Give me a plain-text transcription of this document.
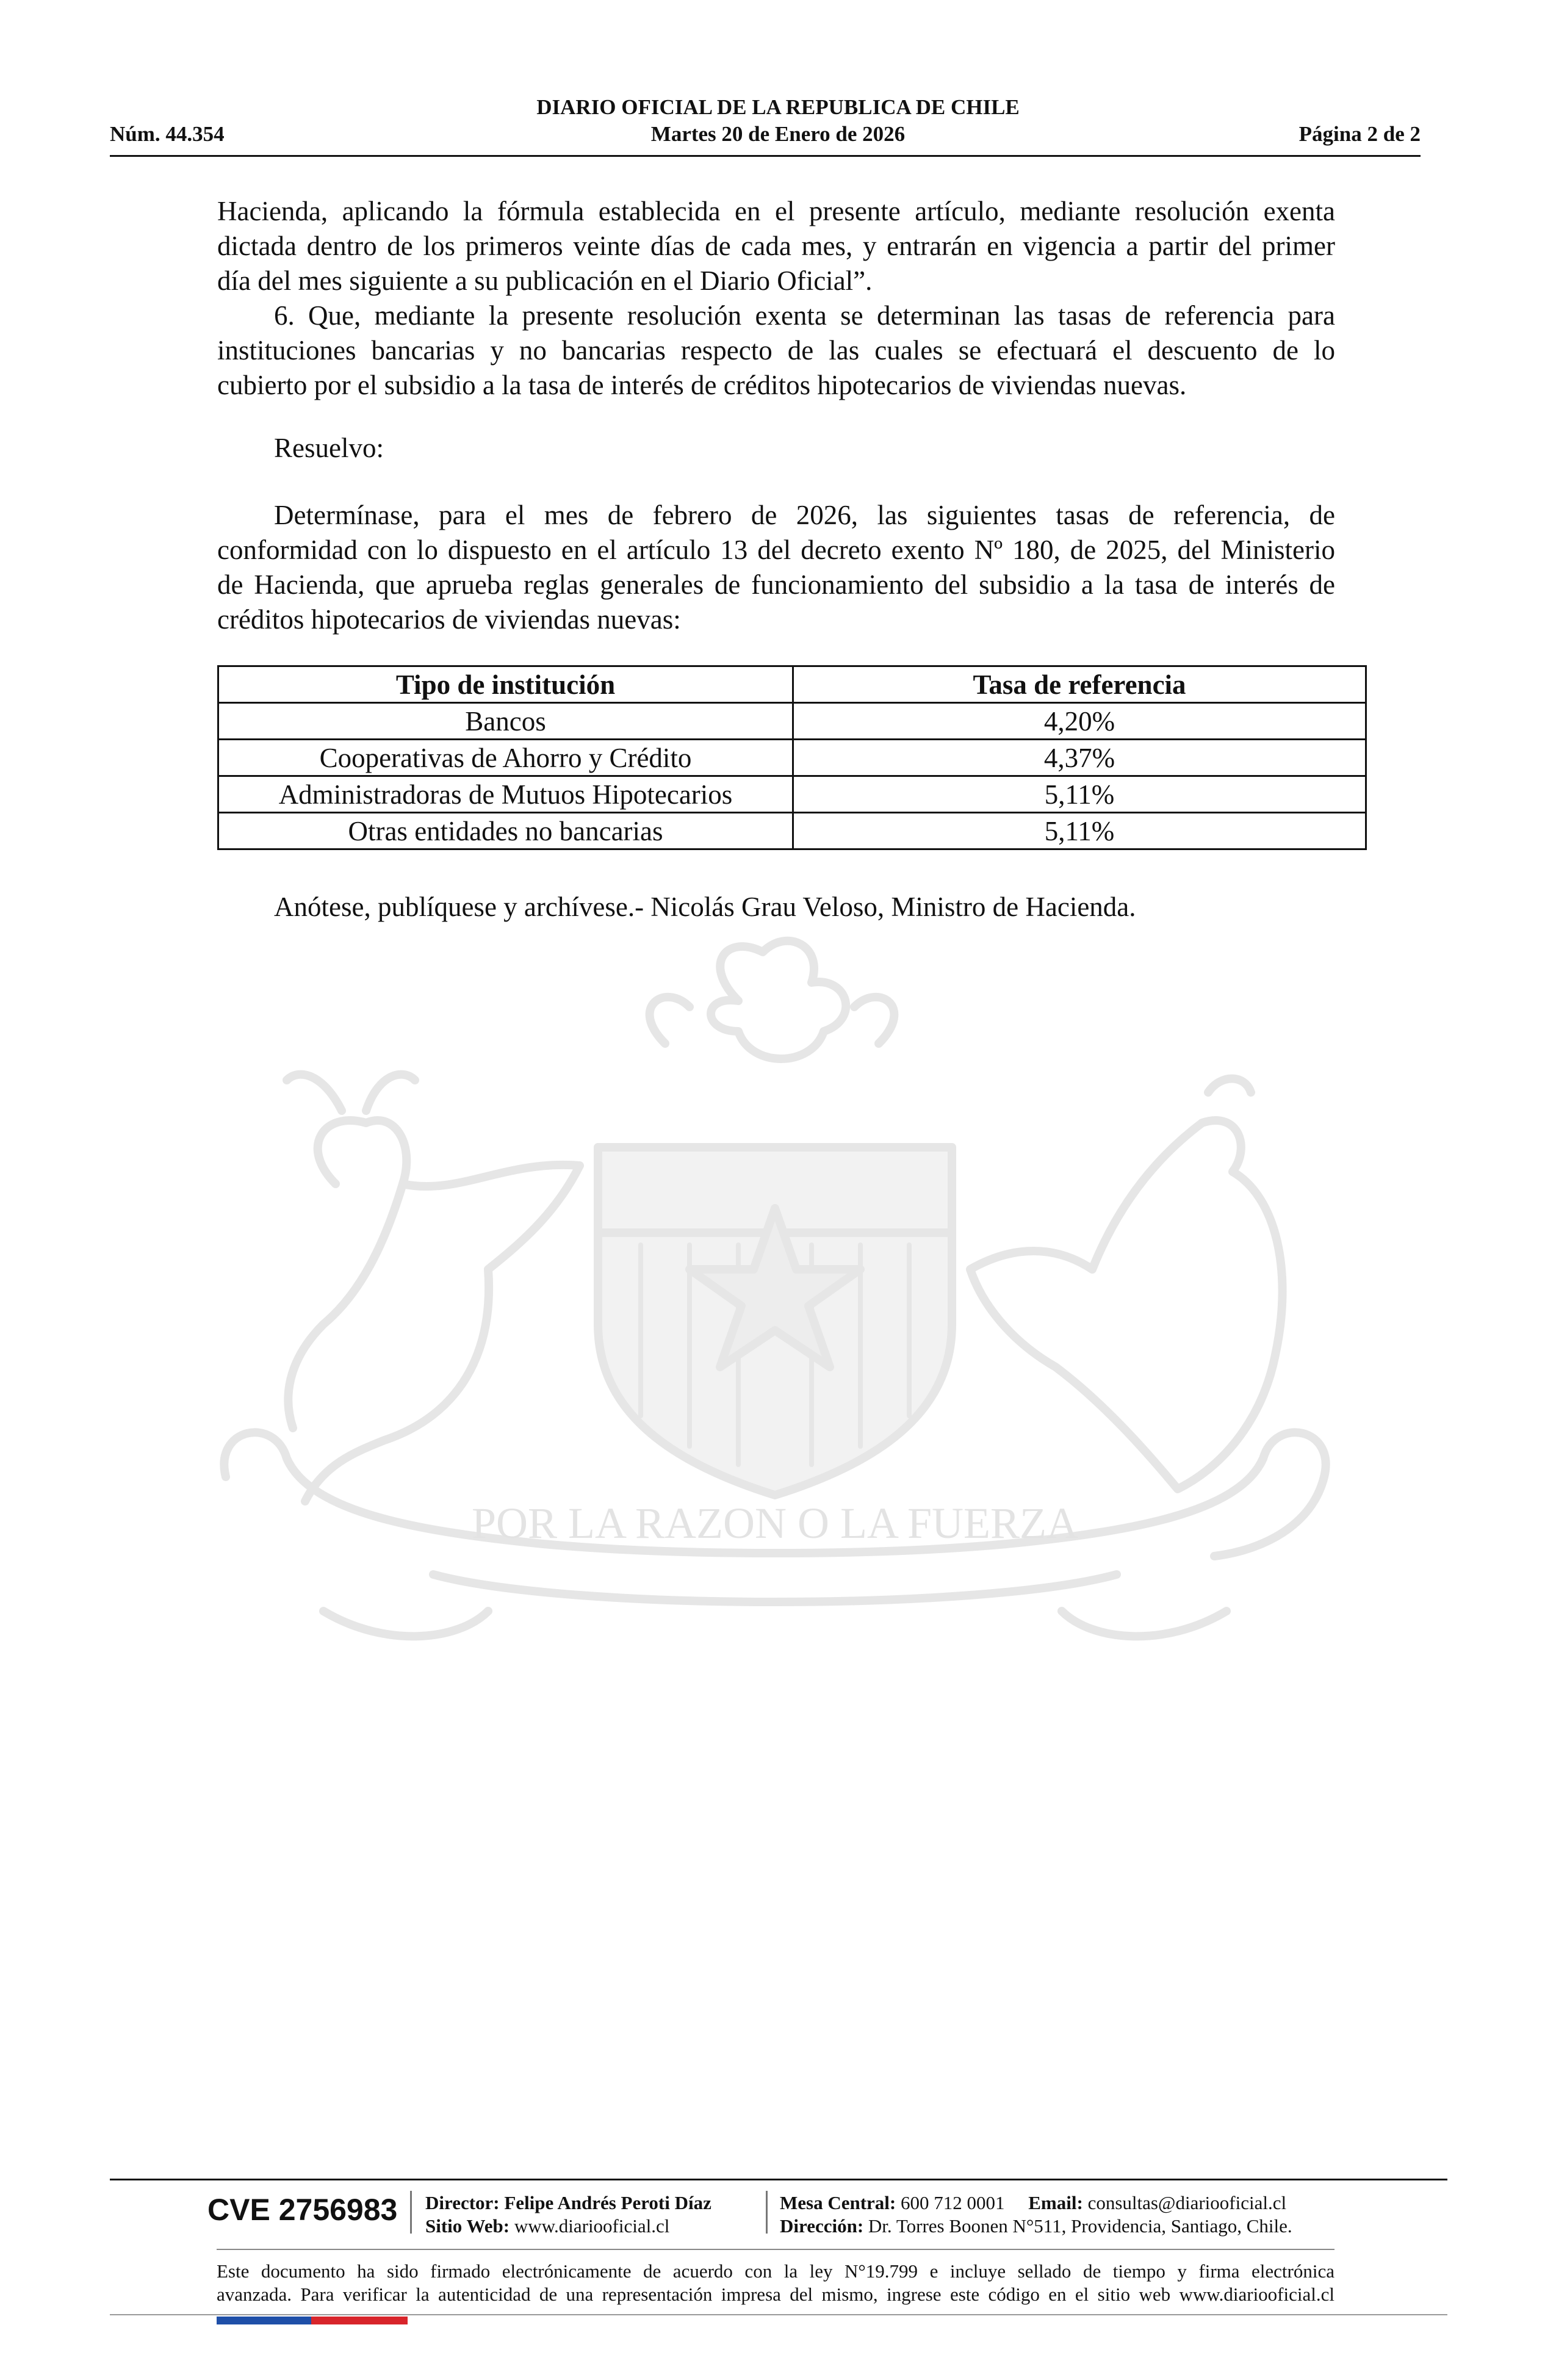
DIARIO OFICIAL DE LA REPUBLICA DE CHILE
Martes 20 de Enero de 2026
Núm. 44.354	Página 2 de 2
POR LA RAZON O LA FUERZA
Hacienda, aplicando la fórmula establecida en el presente artículo, mediante resolución exenta
dictada dentro de los primeros veinte días de cada mes, y entrarán en vigencia a partir del primer
día del mes siguiente a su publicación en el Diario Oficial”.
6. Que, mediante la presente resolución exenta se determinan las tasas de referencia para
instituciones bancarias y no bancarias respecto de las cuales se efectuará el descuento de lo
cubierto por el subsidio a la tasa de interés de créditos hipotecarios de viviendas nuevas.
Resuelvo:
Determínase, para el mes de febrero de 2026, las siguientes tasas de referencia, de
conformidad con lo dispuesto en el artículo 13 del decreto exento Nº 180, de 2025, del Ministerio
de Hacienda, que aprueba reglas generales de funcionamiento del subsidio a la tasa de interés de
créditos hipotecarios de viviendas nuevas:
Tipo de institución	Tasa de referencia
Bancos	4,20%
Cooperativas de Ahorro y Crédito	4,37%
Administradoras de Mutuos Hipotecarios	5,11%
Otras entidades no bancarias	5,11%
Anótese, publíquese y archívese.- Nicolás Grau Veloso, Ministro de Hacienda.
CVE 2756983 Director: Felipe Andrés Peroti Díaz
Sitio Web: www.diariooficial.cl
Mesa Central: 600 712 0001 Email: consultas@diariooficial.cl
Dirección: Dr. Torres Boonen N°511, Providencia, Santiago, Chile.
Este documento ha sido firmado electrónicamente de acuerdo con la ley N°19.799 e incluye sellado de tiempo y firma electrónica
avanzada. Para verificar la autenticidad de una representación impresa del mismo, ingrese este código en el sitio web www.diariooficial.cl
